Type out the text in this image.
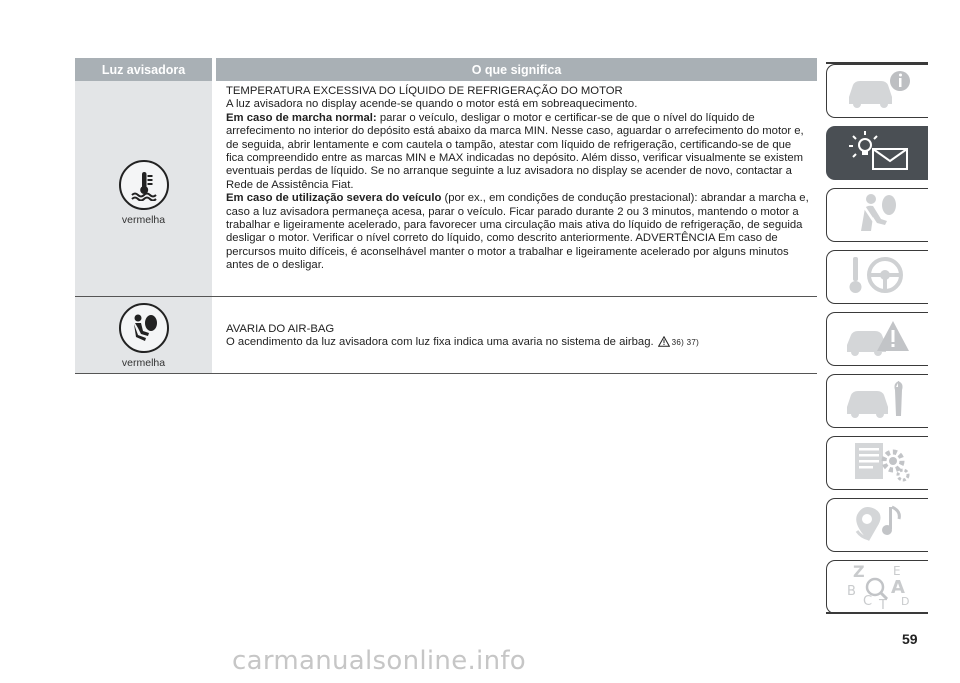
Luz avisadora	O que significa
vermelha

TEMPERATURA EXCESSIVA DO LÍQUIDO DE REFRIGERAÇÃO DO MOTOR

A luz avisadora no display acende-se quando o motor está em sobreaquecimento.

Em caso de marcha normal: parar o veículo, desligar o motor e certificar-se de que o nível do líquido de arrefecimento no interior do depósito está abaixo da marca MIN. Nesse caso, aguardar o arrefecimento do motor e, de seguida, abrir lentamente e com cautela o tampão, atestar com líquido de refrigeração, certificando-se de que fica compreendido entre as marcas MIN e MAX indicadas no depósito. Além disso, verificar visualmente se existem eventuais perdas de líquido. Se no arranque seguinte a luz avisadora no display se acender de novo, contactar a Rede de Assistência Fiat.

Em caso de utilização severa do veículo (por ex., em condições de condução prestacional): abrandar a marcha e, caso a luz avisadora permaneça acesa, parar o veículo. Ficar parado durante 2 ou 3 minutos, mantendo o motor a trabalhar e ligeiramente acelerado, para favorecer uma circulação mais ativa do líquido de refrigeração, de seguida desligar o motor. Verificar o nível correto do líquido, como descrito anteriormente. ADVERTÊNCIA Em caso de percursos muito difíceis, é aconselhável manter o motor a trabalhar e ligeiramente acelerado por alguns minutos antes de o desligar.

vermelha

AVARIA DO AIR-BAG

O acendimento da luz avisadora com luz fixa indica uma avaria no sistema de airbag. 36) 37)

Z E
B A
C T D
59
carmanualsonline.info
